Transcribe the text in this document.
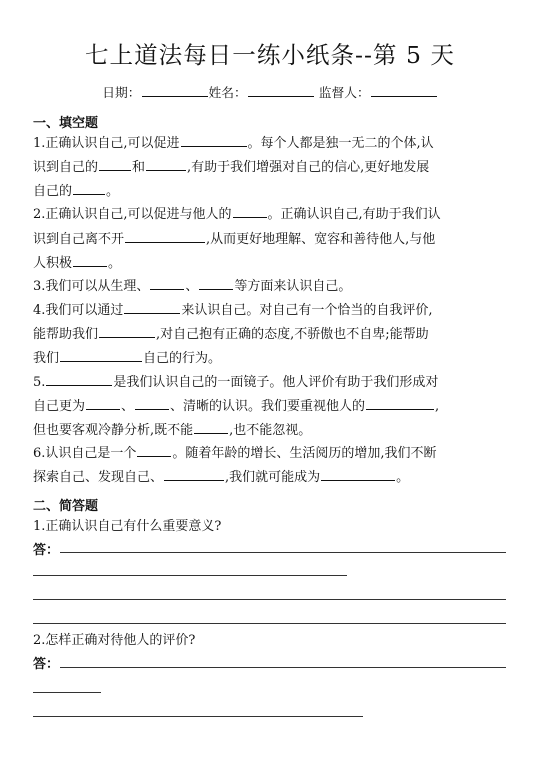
七上道法每日一练小纸条--第 5 天
日期：	姓名：	监督人：
一、填空题
1.正确认识自己,可以促进	。每个人都是独一无二的个体,认
识到自己的	和	,有助于我们增强对自己的信心,更好地发展
自己的	。
2.正确认识自己,可以促进与他人的	。正确认识自己,有助于我们认
识到自己离不开	,从而更好地理解、宽容和善待他人,与他
人积极	。
3.我们可以从生理、	、	等方面来认识自己。
4.我们可以通过	来认识自己。对自己有一个恰当的自我评价,
能帮助我们	,对自己抱有正确的态度,不骄傲也不自卑;能帮助
我们	自己的行为。
5.	是我们认识自己的一面镜子。他人评价有助于我们形成对
自己更为	、	、清晰的认识。我们要重视他人的	,
但也要客观冷静分析,既不能	,也不能忽视。
6.认识自己是一个	。随着年龄的增长、生活阅历的增加,我们不断
探索自己、发现自己、	,我们就可能成为	。
二、简答题
1.正确认识自己有什么重要意义?
答：
2.怎样正确对待他人的评价?
答：
